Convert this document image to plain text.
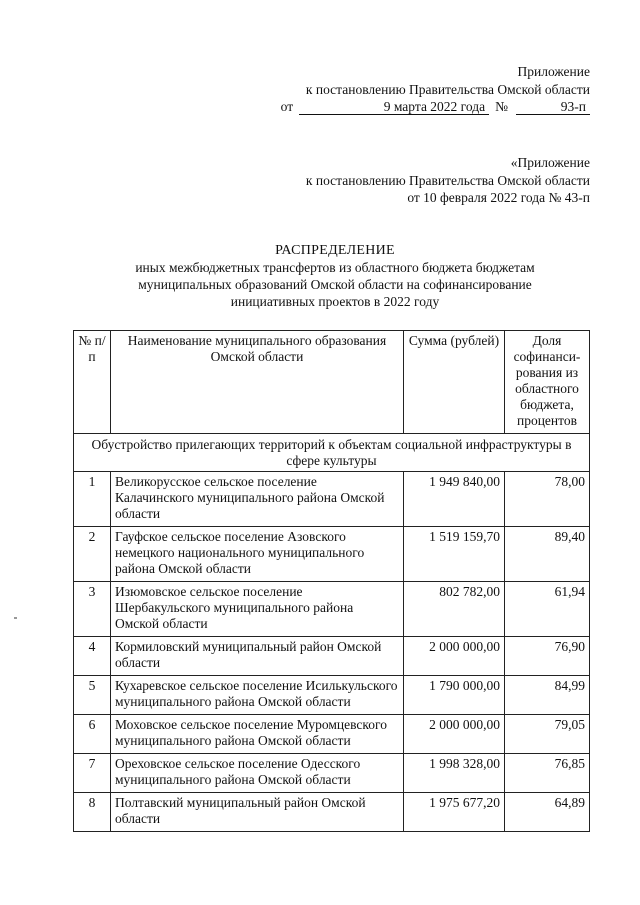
Приложение
к постановлению Правительства Омской области
от	9 марта 2022 года №	93-п
«Приложение
к постановлению Правительства Омской области
от 10 февраля 2022 года № 43-п
РАСПРЕДЕЛЕНИЕ
иных межбюджетных трансфертов из областного бюджета бюджетам
муниципальных образований Омской области на софинансирование
инициативных проектов в 2022 году
№ п/п	Наименование муниципального образования Омской области	Сумма (рублей)	Доля софинанси-рования из областного бюджета, процентов
Обустройство прилегающих территорий к объектам социальной инфраструктуры в сфере культуры			
1	Великорусское сельское поселение Калачинского муниципального района Омской области	1 949 840,00	78,00
2	Гауфское сельское поселение Азовского немецкого национального муниципального района Омской области	1 519 159,70	89,40
3	Изюмовское сельское поселение Шербакульского муниципального района Омской области	802 782,00	61,94
4	Кормиловский муниципальный район Омской области	2 000 000,00	76,90
5	Кухаревское сельское поселение Исилькульского муниципального района Омской области	1 790 000,00	84,99
6	Моховское сельское поселение Муромцевского муниципального района Омской области	2 000 000,00	79,05
7	Ореховское сельское поселение Одесского муниципального района Омской области	1 998 328,00	76,85
8	Полтавский муниципальный район Омской области	1 975 677,20	64,89
